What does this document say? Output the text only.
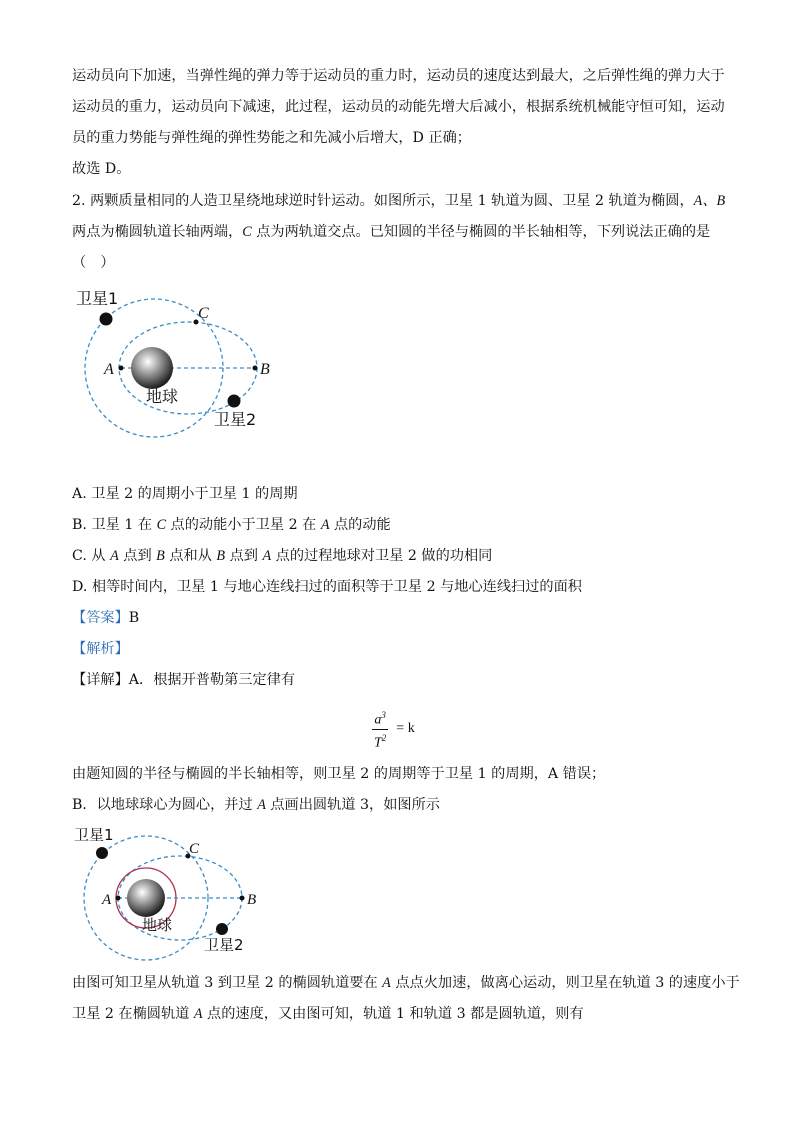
运动员向下加速，当弹性绳的弹力等于运动员的重力时，运动员的速度达到最大，之后弹性绳的弹力大于
运动员的重力，运动员向下减速，此过程，运动员的动能先增大后减小，根据系统机械能守恒可知，运动
员的重力势能与弹性绳的弹性势能之和先减小后增大，D 正确；
故选 D。
2. 两颗质量相同的人造卫星绕地球逆时针运动。如图所示，卫星 1 轨道为圆、卫星 2 轨道为椭圆，A、B
两点为椭圆轨道长轴两端，C 点为两轨道交点。已知圆的半径与椭圆的半长轴相等，下列说法正确的是
（　）
卫星1
C
A	B
地球
卫星2
A. 卫星 2 的周期小于卫星 1 的周期
B. 卫星 1 在 C 点的动能小于卫星 2 在 A 点的动能
C. 从 A 点到 B 点和从 B 点到 A 点的过程地球对卫星 2 做的功相同
D. 相等时间内，卫星 1 与地心连线扫过的面积等于卫星 2 与地心连线扫过的面积
【答案】B
【解析】
【详解】A．根据开普勒第三定律有
$\frac{a^3}{T^2} = k$
由题知圆的半径与椭圆的半长轴相等，则卫星 2 的周期等于卫星 1 的周期，A 错误；
B．以地球球心为圆心，并过 A 点画出圆轨道 3，如图所示
卫星1
C
A	B
地球
卫星2
由图可知卫星从轨道 3 到卫星 2 的椭圆轨道要在 A 点点火加速，做离心运动，则卫星在轨道 3 的速度小于
卫星 2 在椭圆轨道 A 点的速度，又由图可知，轨道 1 和轨道 3 都是圆轨道，则有
